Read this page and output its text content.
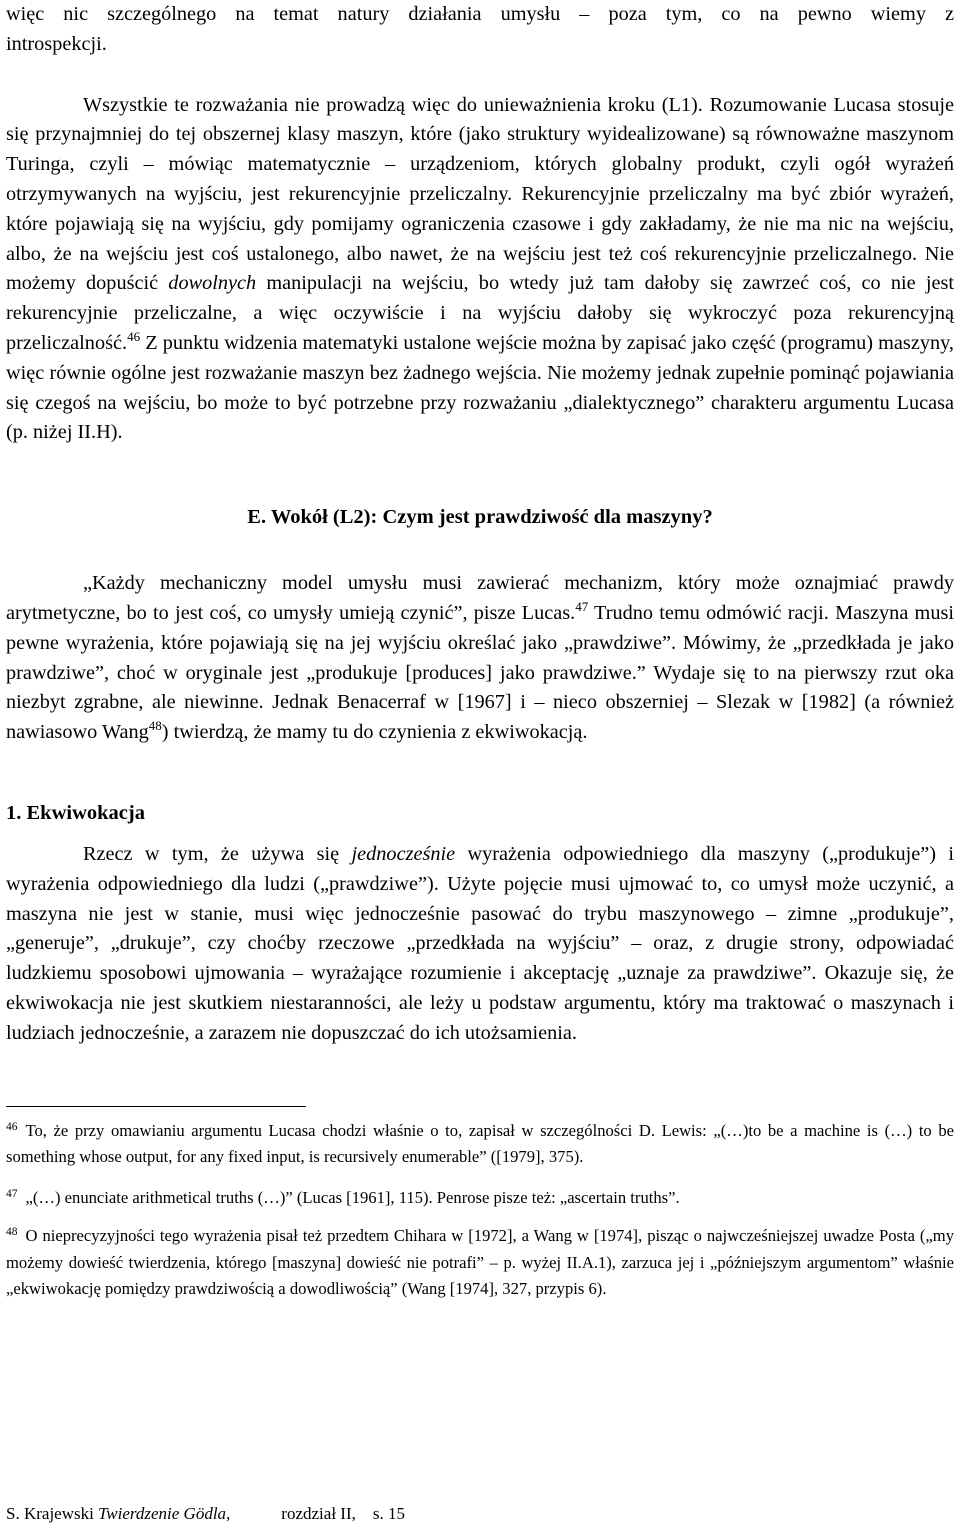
więc nic szczególnego na temat natury działania umysłu – poza tym, co na pewno wiemy z
introspekcji.

Wszystkie te rozważania nie prowadzą więc do unieważnienia kroku (L1). Rozumowanie Lucasa stosuje się przynajmniej do tej obszernej klasy maszyn, które (jako struktury wyidealizowane) są równoważne maszynom Turinga, czyli – mówiąc matematycznie – urządzeniom, których globalny produkt, czyli ogół wyrażeń otrzymywanych na wyjściu, jest rekurencyjnie przeliczalny. Rekurencyjnie przeliczalny ma być zbiór wyrażeń, które pojawiają się na wyjściu, gdy pomijamy ograniczenia czasowe i gdy zakładamy, że nie ma nic na wejściu, albo, że na wejściu jest coś ustalonego, albo nawet, że na wejściu jest też coś rekurencyjnie przeliczalnego. Nie możemy dopuścić dowolnych manipulacji na wejściu, bo wtedy już tam dałoby się zawrzeć coś, co nie jest rekurencyjnie przeliczalne, a więc oczywiście i na wyjściu dałoby się wykroczyć poza rekurencyjną przeliczalność.$^{46}$ Z punktu widzenia matematyki ustalone wejście można by zapisać jako część (programu) maszyny, więc równie ogólne jest rozważanie maszyn bez żadnego wejścia. Nie możemy jednak zupełnie pominąć pojawiania się czegoś na wejściu, bo może to być potrzebne przy rozważaniu „dialektycznego” charakteru argumentu Lucasa (p. niżej II.H).

E. Wokół (L2): Czym jest prawdziwość dla maszyny?

„Każdy mechaniczny model umysłu musi zawierać mechanizm, który może oznajmiać prawdy arytmetyczne, bo to jest coś, co umysły umieją czynić”, pisze Lucas.$^{47}$ Trudno temu odmówić racji. Maszyna musi pewne wyrażenia, które pojawiają się na jej wyjściu określać jako „prawdziwe”. Mówimy, że „przedkłada je jako prawdziwe”, choć w oryginale jest „produkuje [produces] jako prawdziwe.” Wydaje się to na pierwszy rzut oka niezbyt zgrabne, ale niewinne. Jednak Benacerraf w [1967] i – nieco obszerniej – Slezak w [1982] (a również nawiasowo Wang$^{48}$) twierdzą, że mamy tu do czynienia z ekwiwokacją.

1. Ekwiwokacja

Rzecz w tym, że używa się jednocześnie wyrażenia odpowiedniego dla maszyny („produkuje”) i wyrażenia odpowiedniego dla ludzi („prawdziwe”). Użyte pojęcie musi ujmować to, co umysł może uczynić, a maszyna nie jest w stanie, musi więc jednocześnie pasować do trybu maszynowego – zimne „produkuje”, „generuje”, „drukuje”, czy choćby rzeczowe „przedkłada na wyjściu” – oraz, z drugie strony, odpowiadać ludzkiemu sposobowi ujmowania – wyrażające rozumienie i akceptację „uznaje za prawdziwe”. Okazuje się, że ekwiwokacja nie jest skutkiem niestaranności, ale leży u podstaw argumentu, który ma traktować o maszynach i ludziach jednocześnie, a zarazem nie dopuszczać do ich utożsamienia.

$^{46}$ To, że przy omawianiu argumentu Lucasa chodzi właśnie o to, zapisał w szczególności D. Lewis: „(…)to be a machine is (…) to be something whose output, for any fixed input, is recursively enumerable” ([1979], 375).

$^{47}$ „(…) enunciate arithmetical truths (…)” (Lucas [1961], 115). Penrose pisze też: „ascertain truths”.

$^{48}$ O nieprecyzyjności tego wyrażenia pisał też przedtem Chihara w [1972], a Wang w [1974], pisząc o najwcześniejszej uwadze Posta („my możemy dowieść twierdzenia, którego [maszyna] dowieść nie potrafi” – p. wyżej II.A.1), zarzuca jej i „późniejszym argumentom” właśnie „ekwiwokację pomiędzy prawdziwością a dowodliwością” (Wang [1974], 327, przypis 6).

S. Krajewski Twierdzenie Gödla,	rozdział II, s. 15
